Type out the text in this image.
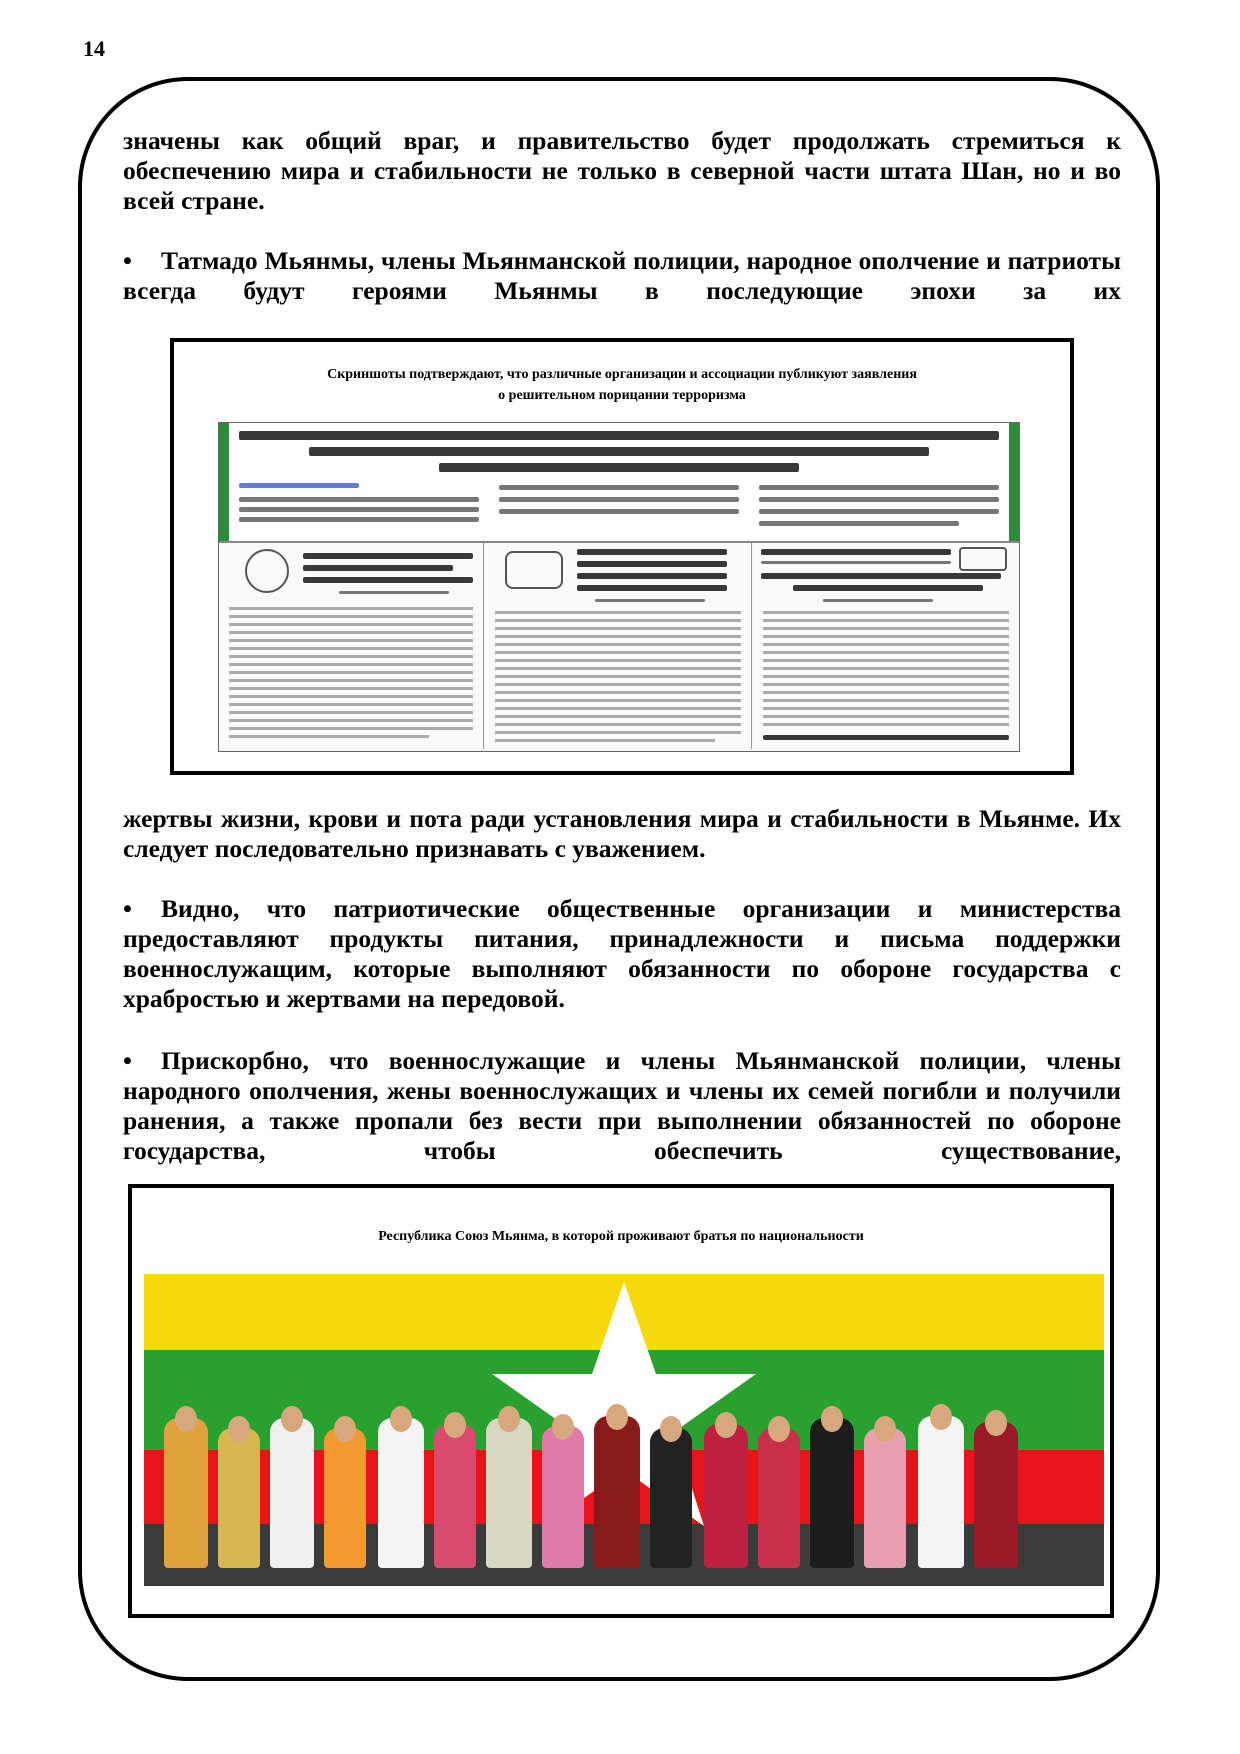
14

значены как общий враг, и правительство будет продолжать стремиться к обеспечению мира и стабильности не только в северной части штата Шан, но и во всей стране.

• Татмадо Мьянмы, члены Мьянманской полиции, народное ополчение и патриоты всегда будут героями Мьянмы в последующие эпохи за их

Скриншоты подтверждают, что различные организации и ассоциации публикуют заявления
о решительном порицании терроризма

жертвы жизни, крови и пота ради установления мира и стабильности в Мьянме. Их следует последовательно признавать с уважением.

• Видно, что патриотические общественные организации и министерства предоставляют продукты питания, принадлежности и письма поддержки военнослужащим, которые выполняют обязанности по обороне государства с храбростью и жертвами на передовой.

• Прискорбно, что военнослужащие и члены Мьянманской полиции, члены народного ополчения, жены военнослужащих и члены их семей погибли и получили ранения, а также пропали без вести при выполнении обязанностей по обороне государства, чтобы обеспечить существование,

Республика Союз Мьянма, в которой проживают братья по национальности
